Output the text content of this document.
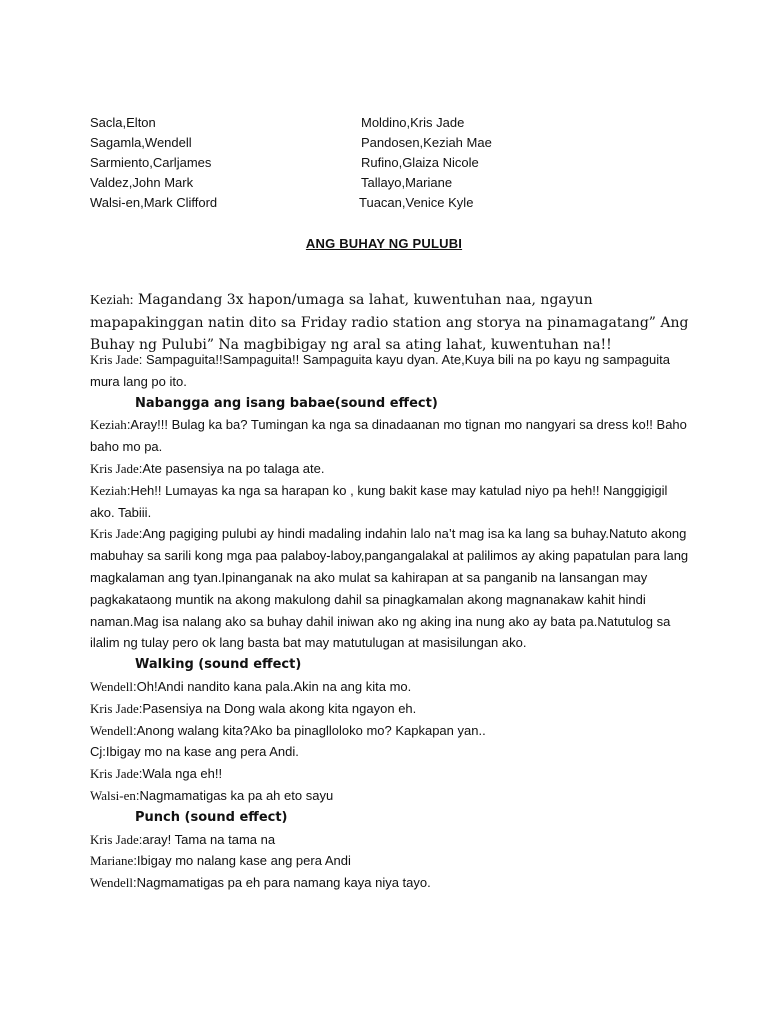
Sacla,Elton
Sagamla,Wendell
Sarmiento,Carljames
Valdez,John Mark
Walsi-en,Mark Clifford
Moldino,Kris Jade
Pandosen,Keziah Mae
Rufino,Glaiza Nicole
Tallayo,Mariane
Tuacan,Venice Kyle
ANG BUHAY NG PULUBI

Keziah: Magandang 3x hapon/umaga sa lahat, kuwentuhan naa, ngayun mapapakinggan natin dito sa Friday radio station ang storya na pinamagatang” Ang Buhay ng Pulubi” Na magbibigay ng aral sa ating lahat, kuwentuhan na!!

Kris Jade: Sampaguita!!Sampaguita!! Sampaguita kayu dyan. Ate,Kuya bili na po kayu ng sampaguita mura lang po ito.

Nabangga ang isang babae(sound effect)

Keziah:Aray!!! Bulag ka ba? Tumingan ka nga sa dinadaanan mo tignan mo nangyari sa dress ko!! Baho baho mo pa.

Kris Jade:Ate pasensiya na po talaga ate.

Keziah:Heh!! Lumayas ka nga sa harapan ko , kung bakit kase may katulad niyo pa heh!! Nanggigigil ako. Tabiii.

Kris Jade:Ang pagiging pulubi ay hindi madaling indahin lalo na’t mag isa ka lang sa buhay.Natuto akong mabuhay sa sarili kong mga paa palaboy-laboy,pangangalakal at palilimos ay aking papatulan para lang magkalaman ang tyan.Ipinanganak na ako mulat sa kahirapan at sa panganib na lansangan may pagkakataong muntik na akong makulong dahil sa pinagkamalan akong magnanakaw kahit hindi naman.Mag isa nalang ako sa buhay dahil iniwan ako ng aking ina nung ako ay bata pa.Natutulog sa ilalim ng tulay pero ok lang basta bat may matutulugan at masisilungan ako.

Walking (sound effect)

Wendell:Oh!Andi nandito kana pala.Akin na ang kita mo.

Kris Jade:Pasensiya na Dong wala akong kita ngayon eh.

Wendell:Anong walang kita?Ako ba pinaglloloko mo? Kapkapan yan..

Cj:Ibigay mo na kase ang pera Andi.

Kris Jade:Wala nga eh!!

Walsi-en:Nagmamatigas ka pa ah eto sayu

Punch (sound effect)

Kris Jade:aray! Tama na tama na

Mariane:Ibigay mo nalang kase ang pera Andi

Wendell:Nagmamatigas pa eh para namang kaya niya tayo.
